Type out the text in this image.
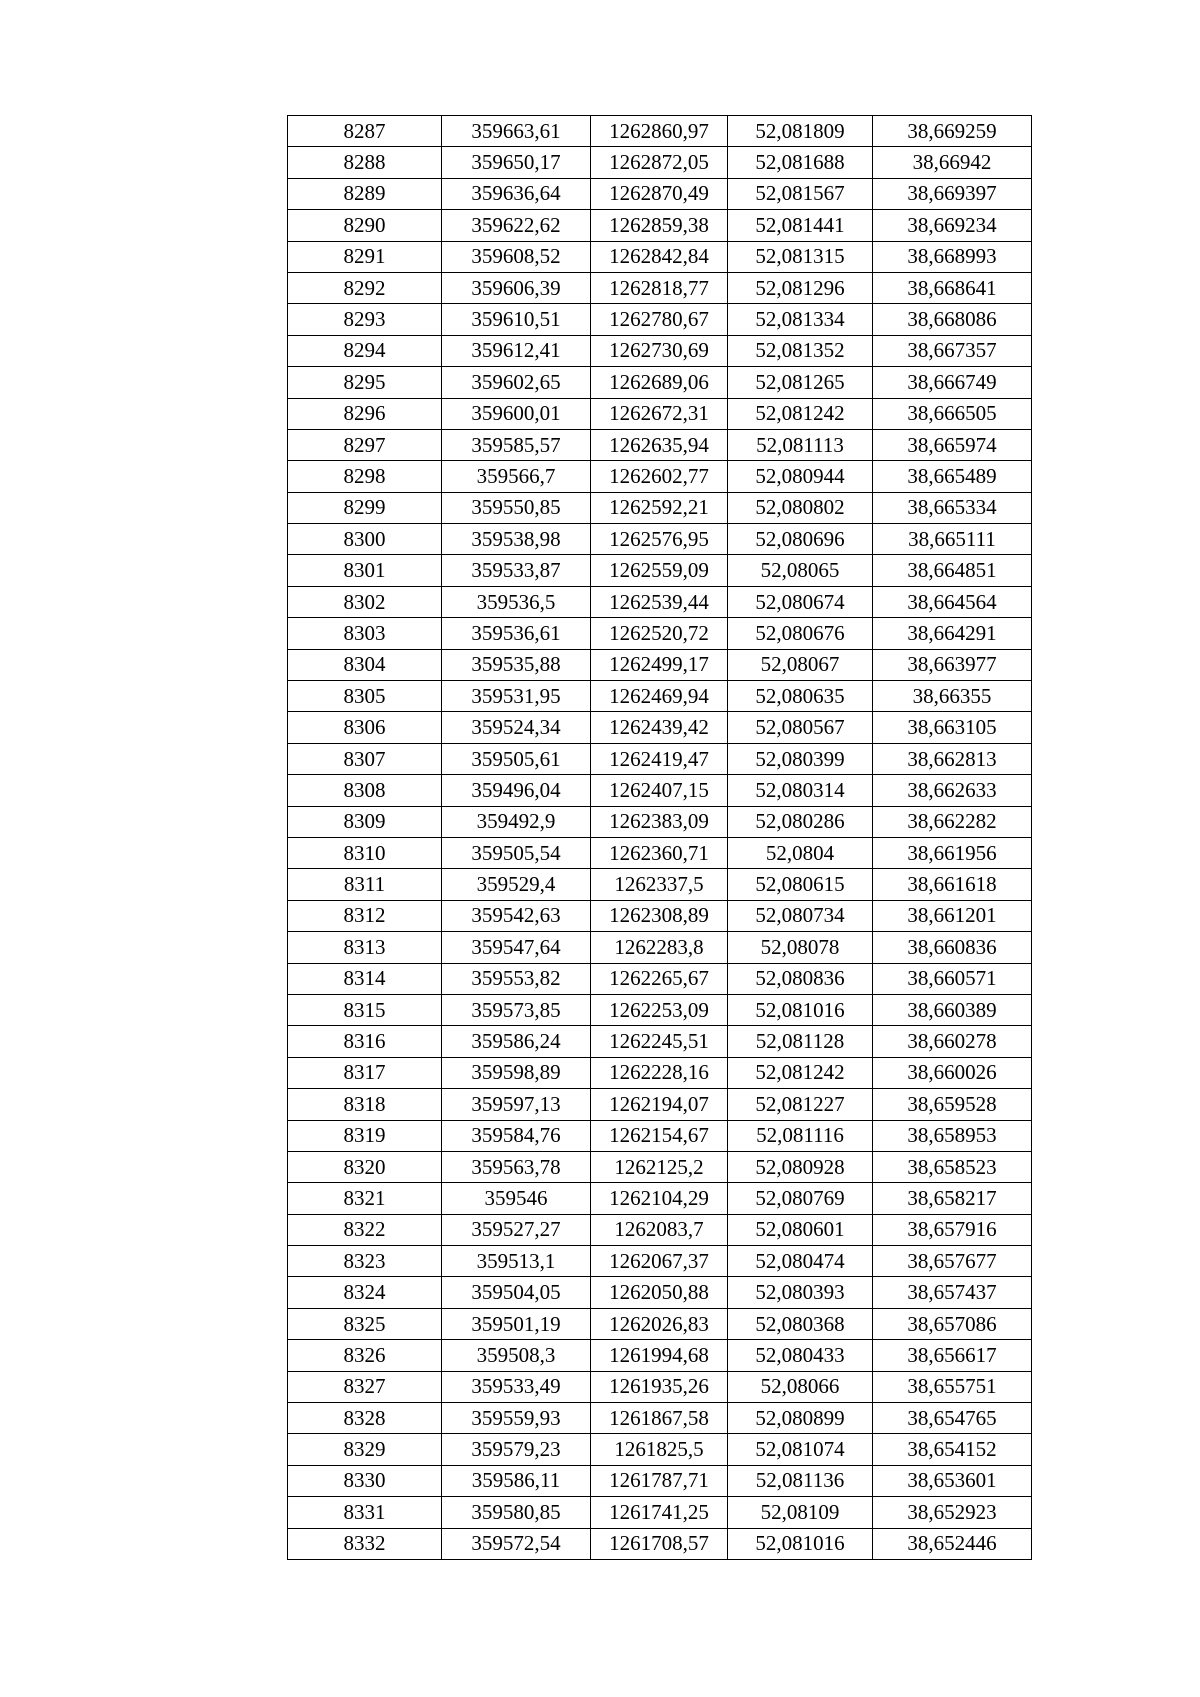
8287	359663,61	1262860,97	52,081809	38,669259
8288	359650,17	1262872,05	52,081688	38,66942
8289	359636,64	1262870,49	52,081567	38,669397
8290	359622,62	1262859,38	52,081441	38,669234
8291	359608,52	1262842,84	52,081315	38,668993
8292	359606,39	1262818,77	52,081296	38,668641
8293	359610,51	1262780,67	52,081334	38,668086
8294	359612,41	1262730,69	52,081352	38,667357
8295	359602,65	1262689,06	52,081265	38,666749
8296	359600,01	1262672,31	52,081242	38,666505
8297	359585,57	1262635,94	52,081113	38,665974
8298	359566,7	1262602,77	52,080944	38,665489
8299	359550,85	1262592,21	52,080802	38,665334
8300	359538,98	1262576,95	52,080696	38,665111
8301	359533,87	1262559,09	52,08065	38,664851
8302	359536,5	1262539,44	52,080674	38,664564
8303	359536,61	1262520,72	52,080676	38,664291
8304	359535,88	1262499,17	52,08067	38,663977
8305	359531,95	1262469,94	52,080635	38,66355
8306	359524,34	1262439,42	52,080567	38,663105
8307	359505,61	1262419,47	52,080399	38,662813
8308	359496,04	1262407,15	52,080314	38,662633
8309	359492,9	1262383,09	52,080286	38,662282
8310	359505,54	1262360,71	52,0804	38,661956
8311	359529,4	1262337,5	52,080615	38,661618
8312	359542,63	1262308,89	52,080734	38,661201
8313	359547,64	1262283,8	52,08078	38,660836
8314	359553,82	1262265,67	52,080836	38,660571
8315	359573,85	1262253,09	52,081016	38,660389
8316	359586,24	1262245,51	52,081128	38,660278
8317	359598,89	1262228,16	52,081242	38,660026
8318	359597,13	1262194,07	52,081227	38,659528
8319	359584,76	1262154,67	52,081116	38,658953
8320	359563,78	1262125,2	52,080928	38,658523
8321	359546	1262104,29	52,080769	38,658217
8322	359527,27	1262083,7	52,080601	38,657916
8323	359513,1	1262067,37	52,080474	38,657677
8324	359504,05	1262050,88	52,080393	38,657437
8325	359501,19	1262026,83	52,080368	38,657086
8326	359508,3	1261994,68	52,080433	38,656617
8327	359533,49	1261935,26	52,08066	38,655751
8328	359559,93	1261867,58	52,080899	38,654765
8329	359579,23	1261825,5	52,081074	38,654152
8330	359586,11	1261787,71	52,081136	38,653601
8331	359580,85	1261741,25	52,08109	38,652923
8332	359572,54	1261708,57	52,081016	38,652446
